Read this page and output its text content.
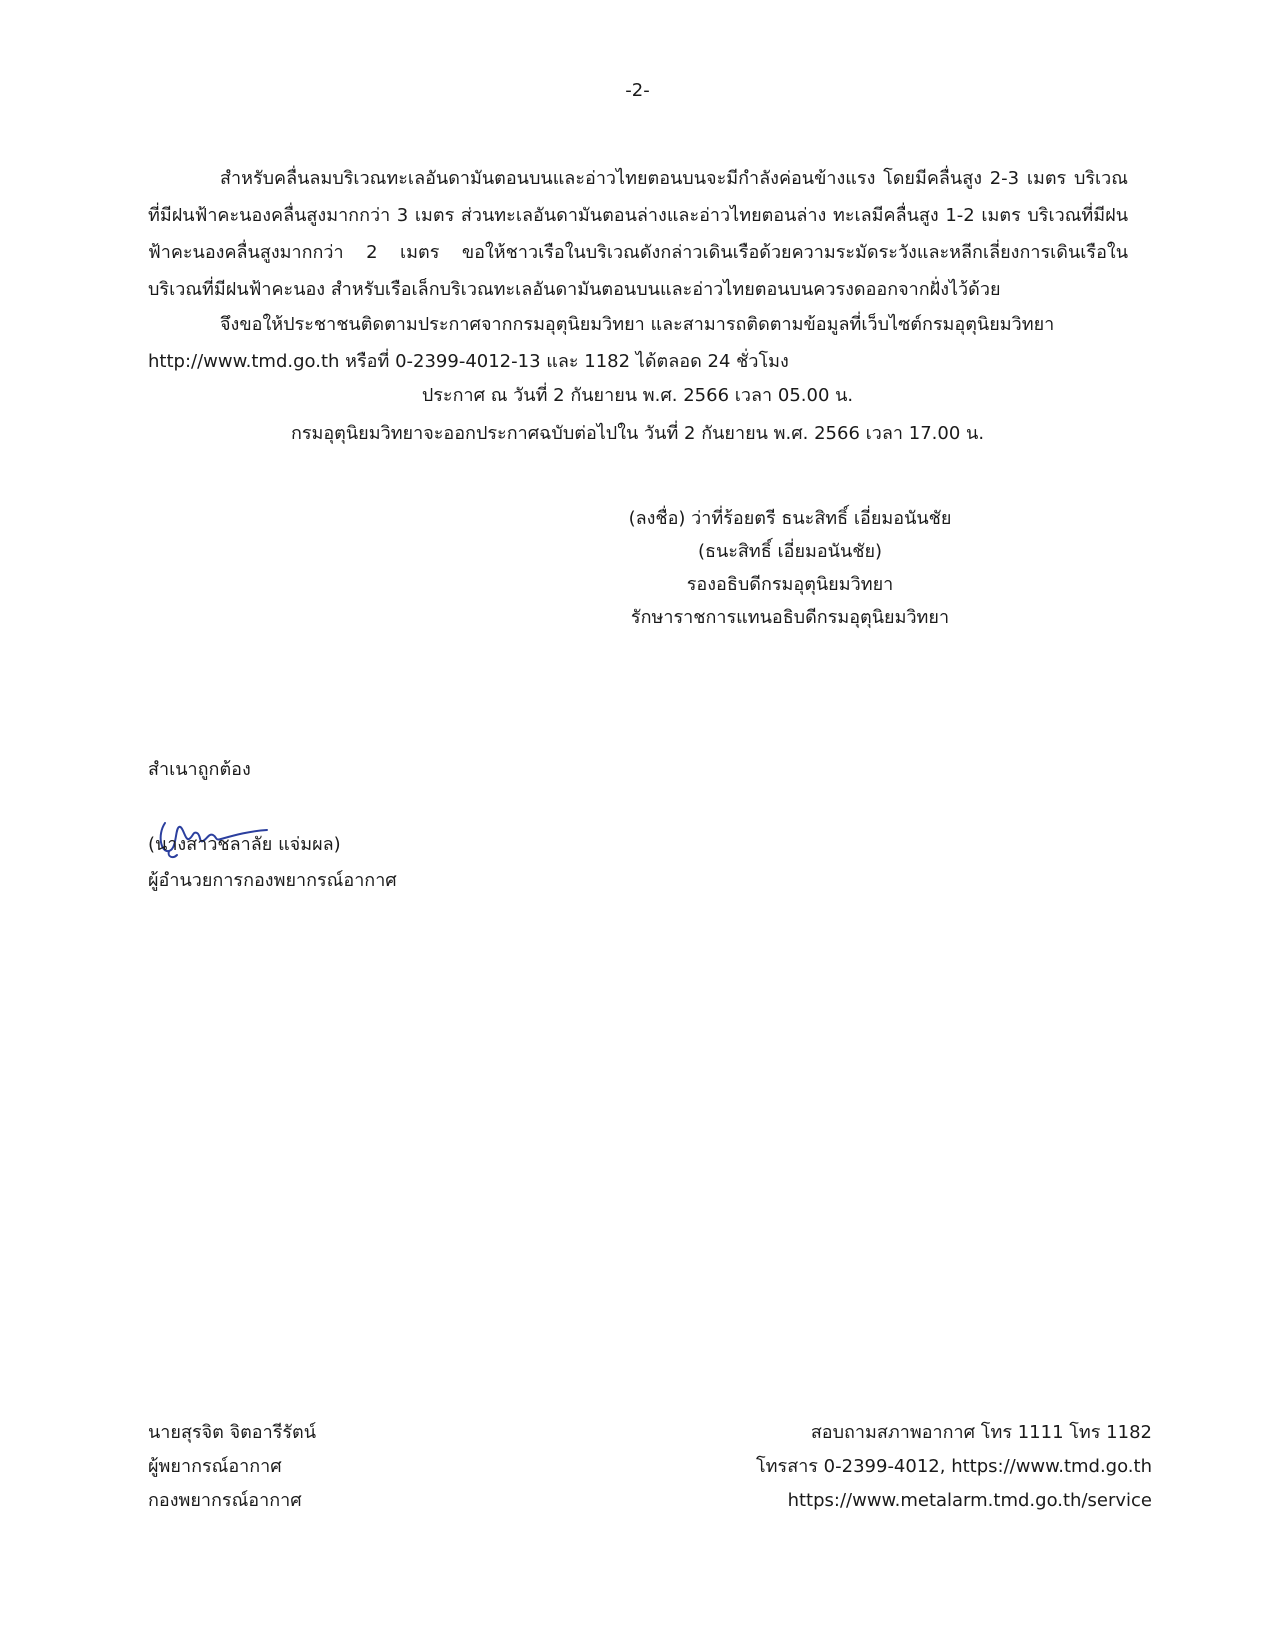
-2-
สำหรับคลื่นลมบริเวณทะเลอันดามันตอนบนและอ่าวไทยตอนบนจะมีกำลังค่อนข้างแรง โดยมีคลื่นสูง 2-3 เมตร บริเวณที่มีฝนฟ้าคะนองคลื่นสูงมากกว่า 3 เมตร ส่วนทะเลอันดามันตอนล่างและอ่าวไทยตอนล่าง ทะเลมีคลื่นสูง 1-2 เมตร บริเวณที่มีฝนฟ้าคะนองคลื่นสูงมากกว่า 2 เมตร ขอให้ชาวเรือในบริเวณดังกล่าวเดินเรือด้วยความระมัดระวังและหลีกเลี่ยงการเดินเรือในบริเวณที่มีฝนฟ้าคะนอง สำหรับเรือเล็กบริเวณทะเลอันดามันตอนบนและอ่าวไทยตอนบนควรงดออกจากฝั่งไว้ด้วย
จึงขอให้ประชาชนติดตามประกาศจากกรมอุตุนิยมวิทยา และสามารถติดตามข้อมูลที่เว็บไซต์กรมอุตุนิยมวิทยา
http://www.tmd.go.th หรือที่ 0-2399-4012-13 และ 1182 ได้ตลอด 24 ชั่วโมง
ประกาศ ณ วันที่ 2 กันยายน พ.ศ. 2566 เวลา 05.00 น.
กรมอุตุนิยมวิทยาจะออกประกาศฉบับต่อไปใน วันที่ 2 กันยายน พ.ศ. 2566 เวลา 17.00 น.
(ลงชื่อ) ว่าที่ร้อยตรี ธนะสิทธิ์ เอี่ยมอนันชัย
(ธนะสิทธิ์ เอี่ยมอนันชัย)
รองอธิบดีกรมอุตุนิยมวิทยา
รักษาราชการแทนอธิบดีกรมอุตุนิยมวิทยา
สำเนาถูกต้อง
(นางสาวชลาลัย แจ่มผล)
ผู้อำนวยการกองพยากรณ์อากาศ
นายสุรจิต จิตอารีรัตน์
ผู้พยากรณ์อากาศ
กองพยากรณ์อากาศ
สอบถามสภาพอากาศ โทร 1111 โทร 1182
โทรสาร 0-2399-4012, https://www.tmd.go.th
https://www.metalarm.tmd.go.th/service
